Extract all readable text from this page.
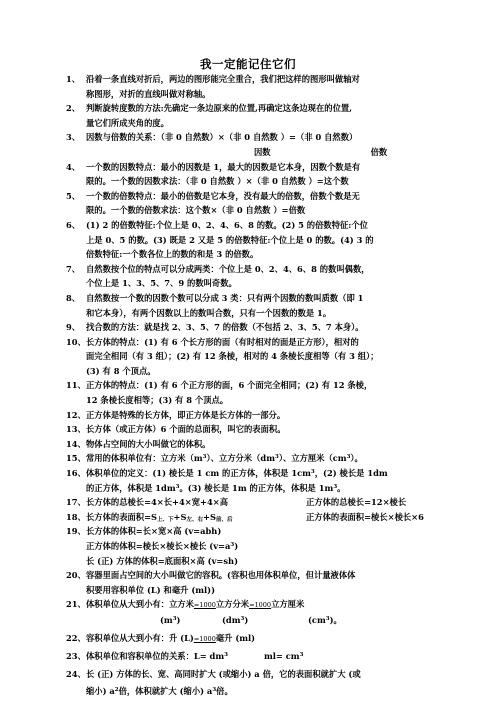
我一定能记住它们
1、 沿着一条直线对折后，两边的图形能完全重合，我们把这样的图形叫做轴对
称图形，对折的直线叫做对称轴。
2、 判断旋转度数的方法:先确定一条边原来的位置,再确定这条边现在的位置,
量它们所成夹角的度。
3、 因数与倍数的关系：（非 0 自然数）×（非 0 自然数 ）=（非 0 自然数）
因数	倍数
4、 一个数的因数特点：最小的因数是 1，最大的因数是它本身，因数个数是有
限的。一个数的因数求法：（非 0 自然数 ）×（非 0 自然数 ）=这个数
5、 一个数的倍数特点：最小的倍数是它本身，没有最大的倍数，倍数个数是无
限的。一个数的倍数求法：这个数×（非 0 自然数 ）=倍数
6、 (1) 2 的倍数特征:个位上是 0、2、4、6、8 的数。(2) 5 的倍数特征:个位
上是 0、5 的数。(3) 既是 2 又是 5 的倍数特征:个位上是 0 的数。(4) 3 的
倍数特征:一个数各位上的数的和是 3 的倍数。
7、 自然数按个位的特点可以分成两类：个位上是 0、2、4、6、8 的数叫偶数，
个位上是 1、3、5、7、9 的数叫奇数。
8、 自然数按一个数的因数个数可以分成 3 类：只有两个因数的数叫质数（即 1
和它本身），有两个因数以上的数叫合数，只有一个因数的数是 1。
9、 找合数的方法：就是找 2、3、5、7 的倍数（不包括 2、3、5、7 本身）。
10、 长方体的特点：(1) 有 6 个长方形的面（有时相对的面是正方形），相对的
面完全相同（有 3 组）；(2) 有 12 条棱，相对的 4 条棱长度相等（有 3 组）；
(3) 有 8 个顶点。
11、 正方体的特点：(1) 有 6 个正方形的面，6 个面完全相同；(2) 有 12 条棱，
12 条棱长度相等；(3) 有 8 个顶点。
12、 正方体是特殊的长方体，即正方体是长方体的一部分。
13、 长方体（或正方体）6 个面的总面积，叫它的表面积。
14、 物体占空间的大小叫做它的体积。
15、 常用的体积单位有：立方米$(m^3)$、立方分米$(dm^3)$、立方厘米$(cm^3)$。
16、 体积单位的定义：(1) 棱长是 1 cm 的正方体，体积是 $1cm^3$，(2) 棱长是 1dm
的正方体，体积是 $1dm^3$。(3) 棱长是 1m 的正方体，体积是 $1m^3$。
17、 长方体的总棱长=4×长+4×宽+4×高	正方体的总棱长=12×棱长
18、 长方体的表面积$=S_{上、下}+S_{左、右}+S_{前、后}$	正方体的表面积=棱长×棱长×6
19、 长方体的体积=长×宽×高 (v=abh)
正方体的体积=棱长×棱长×棱长 $(v=a^3)$
长 (正) 方体的体积=底面积×高 (v=sh)
20、 容器里面占空间的大小叫做它的容积。(容积也用体积单位，但计量液体体
积要用容积单位 (L) 和毫升 (ml))
21、 体积单位从大到小有：立方米=1000立方分米=1000立方厘米
$(m^3)$	$(dm^3)$	$(cm^3)$。
22、 容积单位从大到小有：升 (L)=1000毫升 (ml)
23、 体积单位和容积单位的关系：$L= dm^3$	$ml= cm^3$
24、 长 (正) 方体的长、宽、高同时扩大 (或缩小) a 倍，它的表面积就扩大 (或
缩小) $a^2$倍，体积就扩大 (缩小) $a^3$倍。
